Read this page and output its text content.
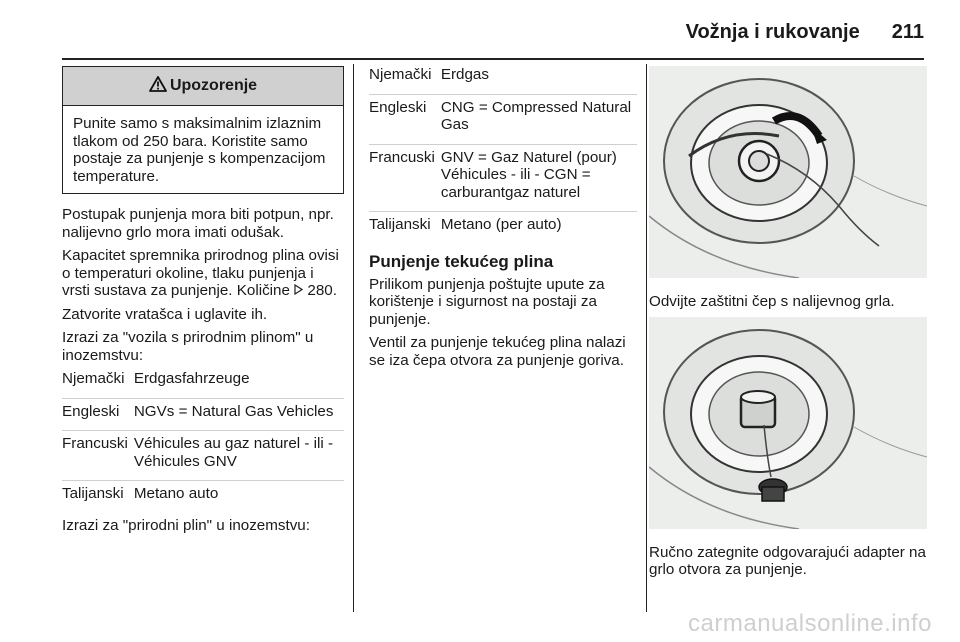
Vožnja i rukovanje 211
Upozorenje
Punite samo s maksimalnim izlaznim tlakom od 250 bara. Koristite samo postaje za punjenje s kompenzacijom temperature.

Postupak punjenja mora biti potpun, npr. nalijevno grlo mora imati odušak.

Kapacitet spremnika prirodnog plina ovisi o temperaturi okoline, tlaku punjenja i vrsti sustava za punjenje. Količine 280.

Zatvorite vratašca i uglavite ih.

Izrazi za "vozila s prirodnim plinom" u inozemstvu:

Njemački	Erdgasfahrzeuge
Engleski	NGVs = Natural Gas Vehicles
Francuski	Véhicules au gaz naturel - ili - Véhicules GNV
Talijanski	Metano auto

Izrazi za "prirodni plin" u inozemstvu:

Njemački	Erdgas
Engleski	CNG = Compressed Natural Gas
Francuski	GNV = Gaz Naturel (pour) Véhicules - ili - CGN = carburantgaz naturel
Talijanski	Metano (per auto)
Punjenje tekućeg plina

Prilikom punjenja poštujte upute za korištenje i sigurnost na postaji za punjenje.

Ventil za punjenje tekućeg plina nalazi se iza čepa otvora za punjenje goriva.

Odvijte zaštitni čep s nalijevnog grla.

Ručno zategnite odgovarajući adapter na grlo otvora za punjenje.

carmanualsonline.info
